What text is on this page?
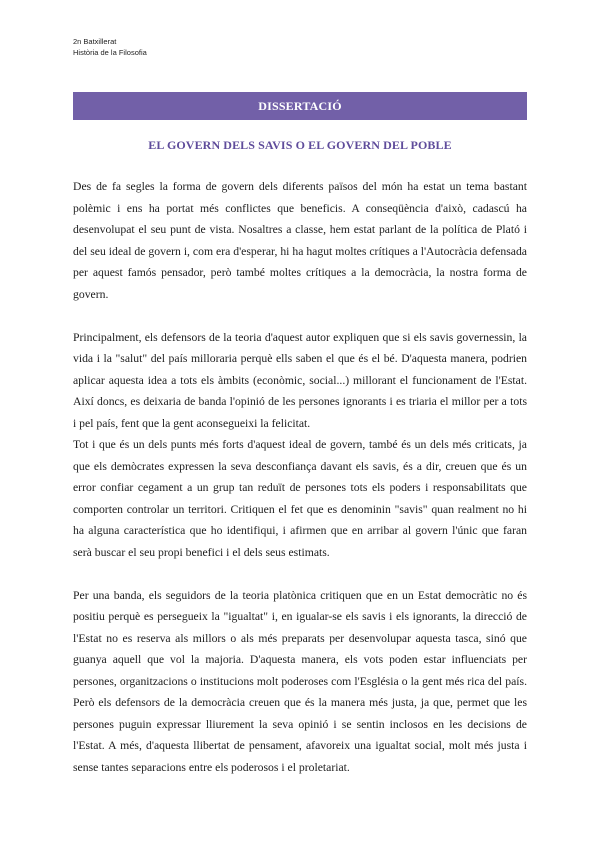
2n Batxillerat
Història de la Filosofia
DISSERTACIÓ
EL GOVERN DELS SAVIS O EL GOVERN DEL POBLE

Des de fa segles la forma de govern dels diferents països del món ha estat un tema bastant polèmic i ens ha portat més conflictes que beneficis. A conseqüència d'això, cadascú ha desenvolupat el seu punt de vista. Nosaltres a classe, hem estat parlant de la política de Plató i del seu ideal de govern i, com era d'esperar, hi ha hagut moltes crítiques a l'Autocràcia defensada per aquest famós pensador, però també moltes crítiques a la democràcia, la nostra forma de govern.

Principalment, els defensors de la teoria d'aquest autor expliquen que si els savis governessin, la vida i la "salut" del país milloraria perquè ells saben el que és el bé. D'aquesta manera, podrien aplicar aquesta idea a tots els àmbits (econòmic, social...) millorant el funcionament de l'Estat. Així doncs, es deixaria de banda l'opinió de les persones ignorants i es triaria el millor per a tots i pel país, fent que la gent aconsegueixi la felicitat.

Tot i que és un dels punts més forts d'aquest ideal de govern, també és un dels més criticats, ja que els demòcrates expressen la seva desconfiança davant els savis, és a dir, creuen que és un error confiar cegament a un grup tan reduït de persones tots els poders i responsabilitats que comporten controlar un territori. Critiquen el fet que es denominin "savis" quan realment no hi ha alguna característica que ho identifiqui, i afirmen que en arribar al govern l'únic que faran serà buscar el seu propi benefici i el dels seus estimats.

Per una banda, els seguidors de la teoria platònica critiquen que en un Estat democràtic no és positiu perquè es persegueix la "igualtat" i, en igualar-se els savis i els ignorants, la direcció de l'Estat no es reserva als millors o als més preparats per desenvolupar aquesta tasca, sinó que guanya aquell que vol la majoria. D'aquesta manera, els vots poden estar influenciats per persones, organitzacions o institucions molt poderoses com l'Església o la gent més rica del país. Però els defensors de la democràcia creuen que és la manera més justa, ja que, permet que les persones puguin expressar lliurement la seva opinió i se sentin inclosos en les decisions de l'Estat. A més, d'aquesta llibertat de pensament, afavoreix una igualtat social, molt més justa i sense tantes separacions entre els poderosos i el proletariat.
